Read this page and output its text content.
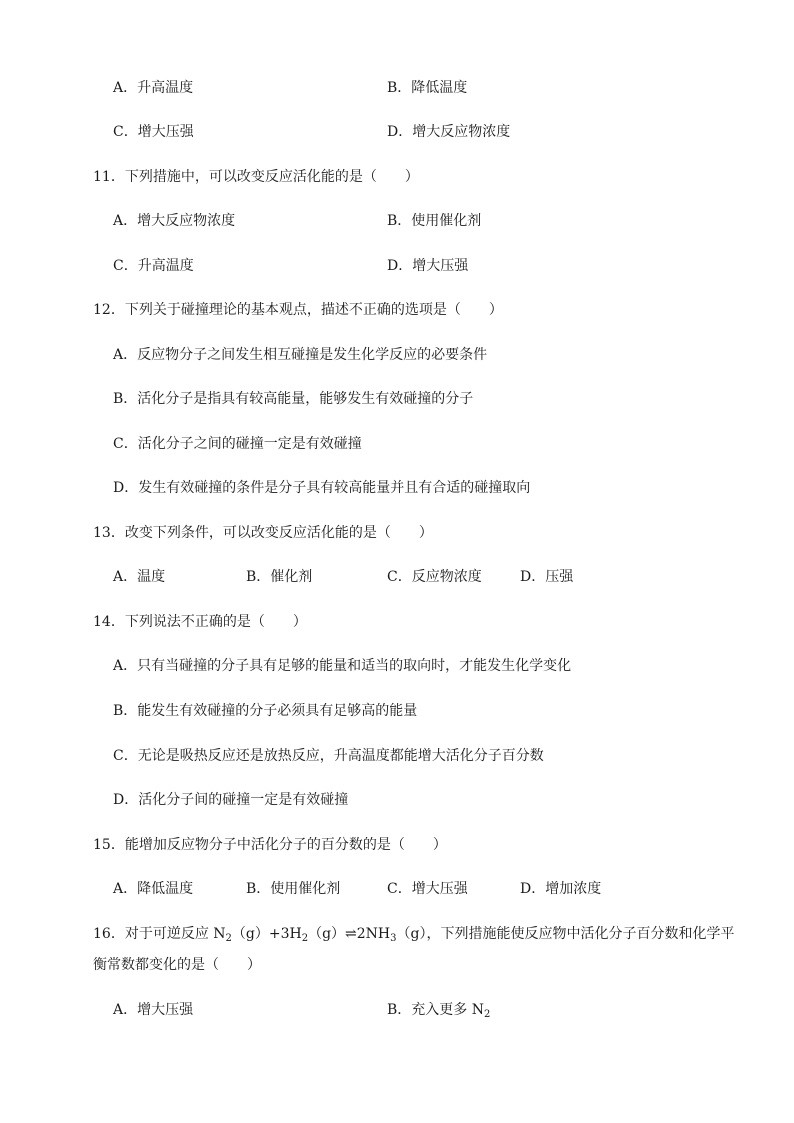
A．升高温度	B．降低温度
C．增大压强	D．增大反应物浓度
11．下列措施中，可以改变反应活化能的是（　　）
A．增大反应物浓度	B．使用催化剂
C．升高温度	D．增大压强
12．下列关于碰撞理论的基本观点，描述不正确的选项是（　　）
A．反应物分子之间发生相互碰撞是发生化学反应的必要条件
B．活化分子是指具有较高能量，能够发生有效碰撞的分子
C．活化分子之间的碰撞一定是有效碰撞
D．发生有效碰撞的条件是分子具有较高能量并且有合适的碰撞取向
13．改变下列条件，可以改变反应活化能的是（　　）
A．温度	B．催化剂	C．反应物浓度	D．压强
14．下列说法不正确的是（　　）
A．只有当碰撞的分子具有足够的能量和适当的取向时，才能发生化学变化
B．能发生有效碰撞的分子必须具有足够高的能量
C．无论是吸热反应还是放热反应，升高温度都能增大活化分子百分数
D．活化分子间的碰撞一定是有效碰撞
15．能增加反应物分子中活化分子的百分数的是（　　）
A．降低温度	B．使用催化剂	C．增大压强	D．增加浓度
16．对于可逆反应 $N_2(g)+3H_2(g)\rightleftharpoons 2NH_3(g)$，下列措施能使反应物中活化分子百分数和化学平
衡常数都变化的是（　　）
A．增大压强	B．充入更多 $N_2$
